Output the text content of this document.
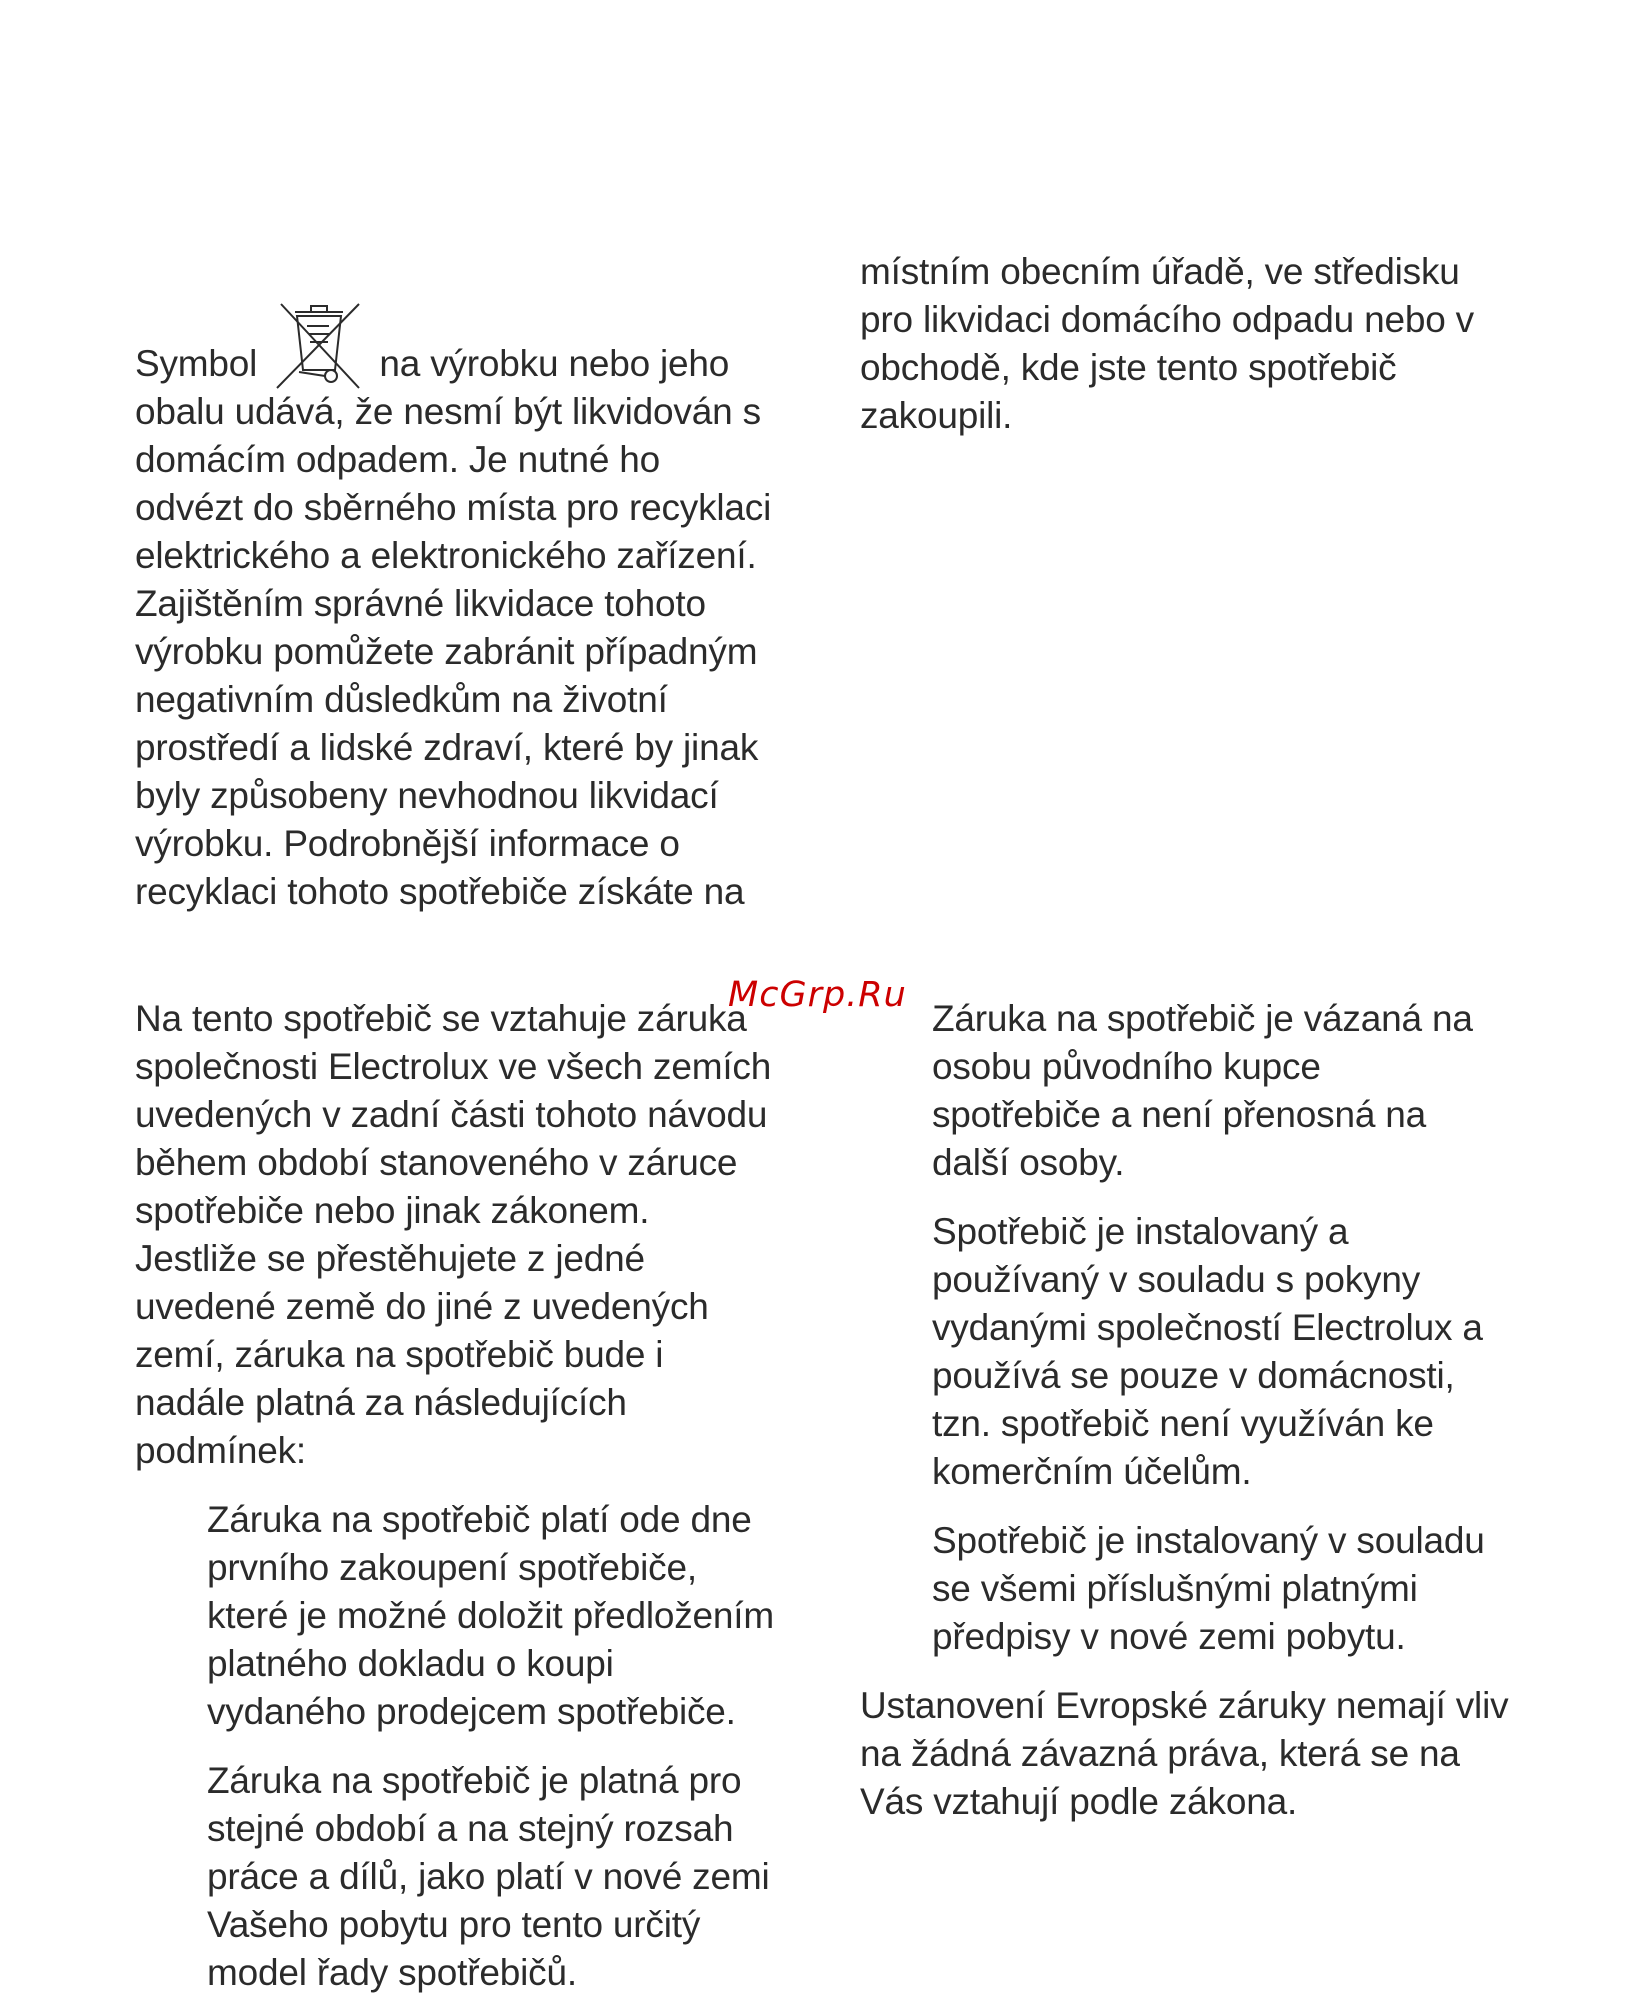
McGrp.Ru

Symbol	na výrobku nebo jeho
obalu udává, že nesmí být likvidován s
domácím odpadem. Je nutné ho
odvézt do sběrného místa pro recyklaci
elektrického a elektronického zařízení.
Zajištěním správné likvidace tohoto
výrobku pomůžete zabránit případným
negativním důsledkům na životní
prostředí a lidské zdraví, které by jinak
byly způsobeny nevhodnou likvidací
výrobku. Podrobnější informace o
recyklaci tohoto spotřebiče získáte na

místním obecním úřadě, ve středisku
pro likvidaci domácího odpadu nebo v
obchodě, kde jste tento spotřebič
zakoupili.

Na tento spotřebič se vztahuje záruka
společnosti Electrolux ve všech zemích
uvedených v zadní části tohoto návodu
během období stanoveného v záruce
spotřebiče nebo jinak zákonem.
Jestliže se přestěhujete z jedné
uvedené země do jiné z uvedených
zemí, záruka na spotřebič bude i
nadále platná za následujících
podmínek:

Záruka na spotřebič platí ode dne
prvního zakoupení spotřebiče,
které je možné doložit předložením
platného dokladu o koupi
vydaného prodejcem spotřebiče.

Záruka na spotřebič je platná pro
stejné období a na stejný rozsah
práce a dílů, jako platí v nové zemi
Vašeho pobytu pro tento určitý
model řady spotřebičů.

Záruka na spotřebič je vázaná na
osobu původního kupce
spotřebiče a není přenosná na
další osoby.

Spotřebič je instalovaný a
používaný v souladu s pokyny
vydanými společností Electrolux a
používá se pouze v domácnosti,
tzn. spotřebič není využíván ke
komerčním účelům.

Spotřebič je instalovaný v souladu
se všemi příslušnými platnými
předpisy v nové zemi pobytu.

Ustanovení Evropské záruky nemají vliv
na žádná závazná práva, která se na
Vás vztahují podle zákona.
